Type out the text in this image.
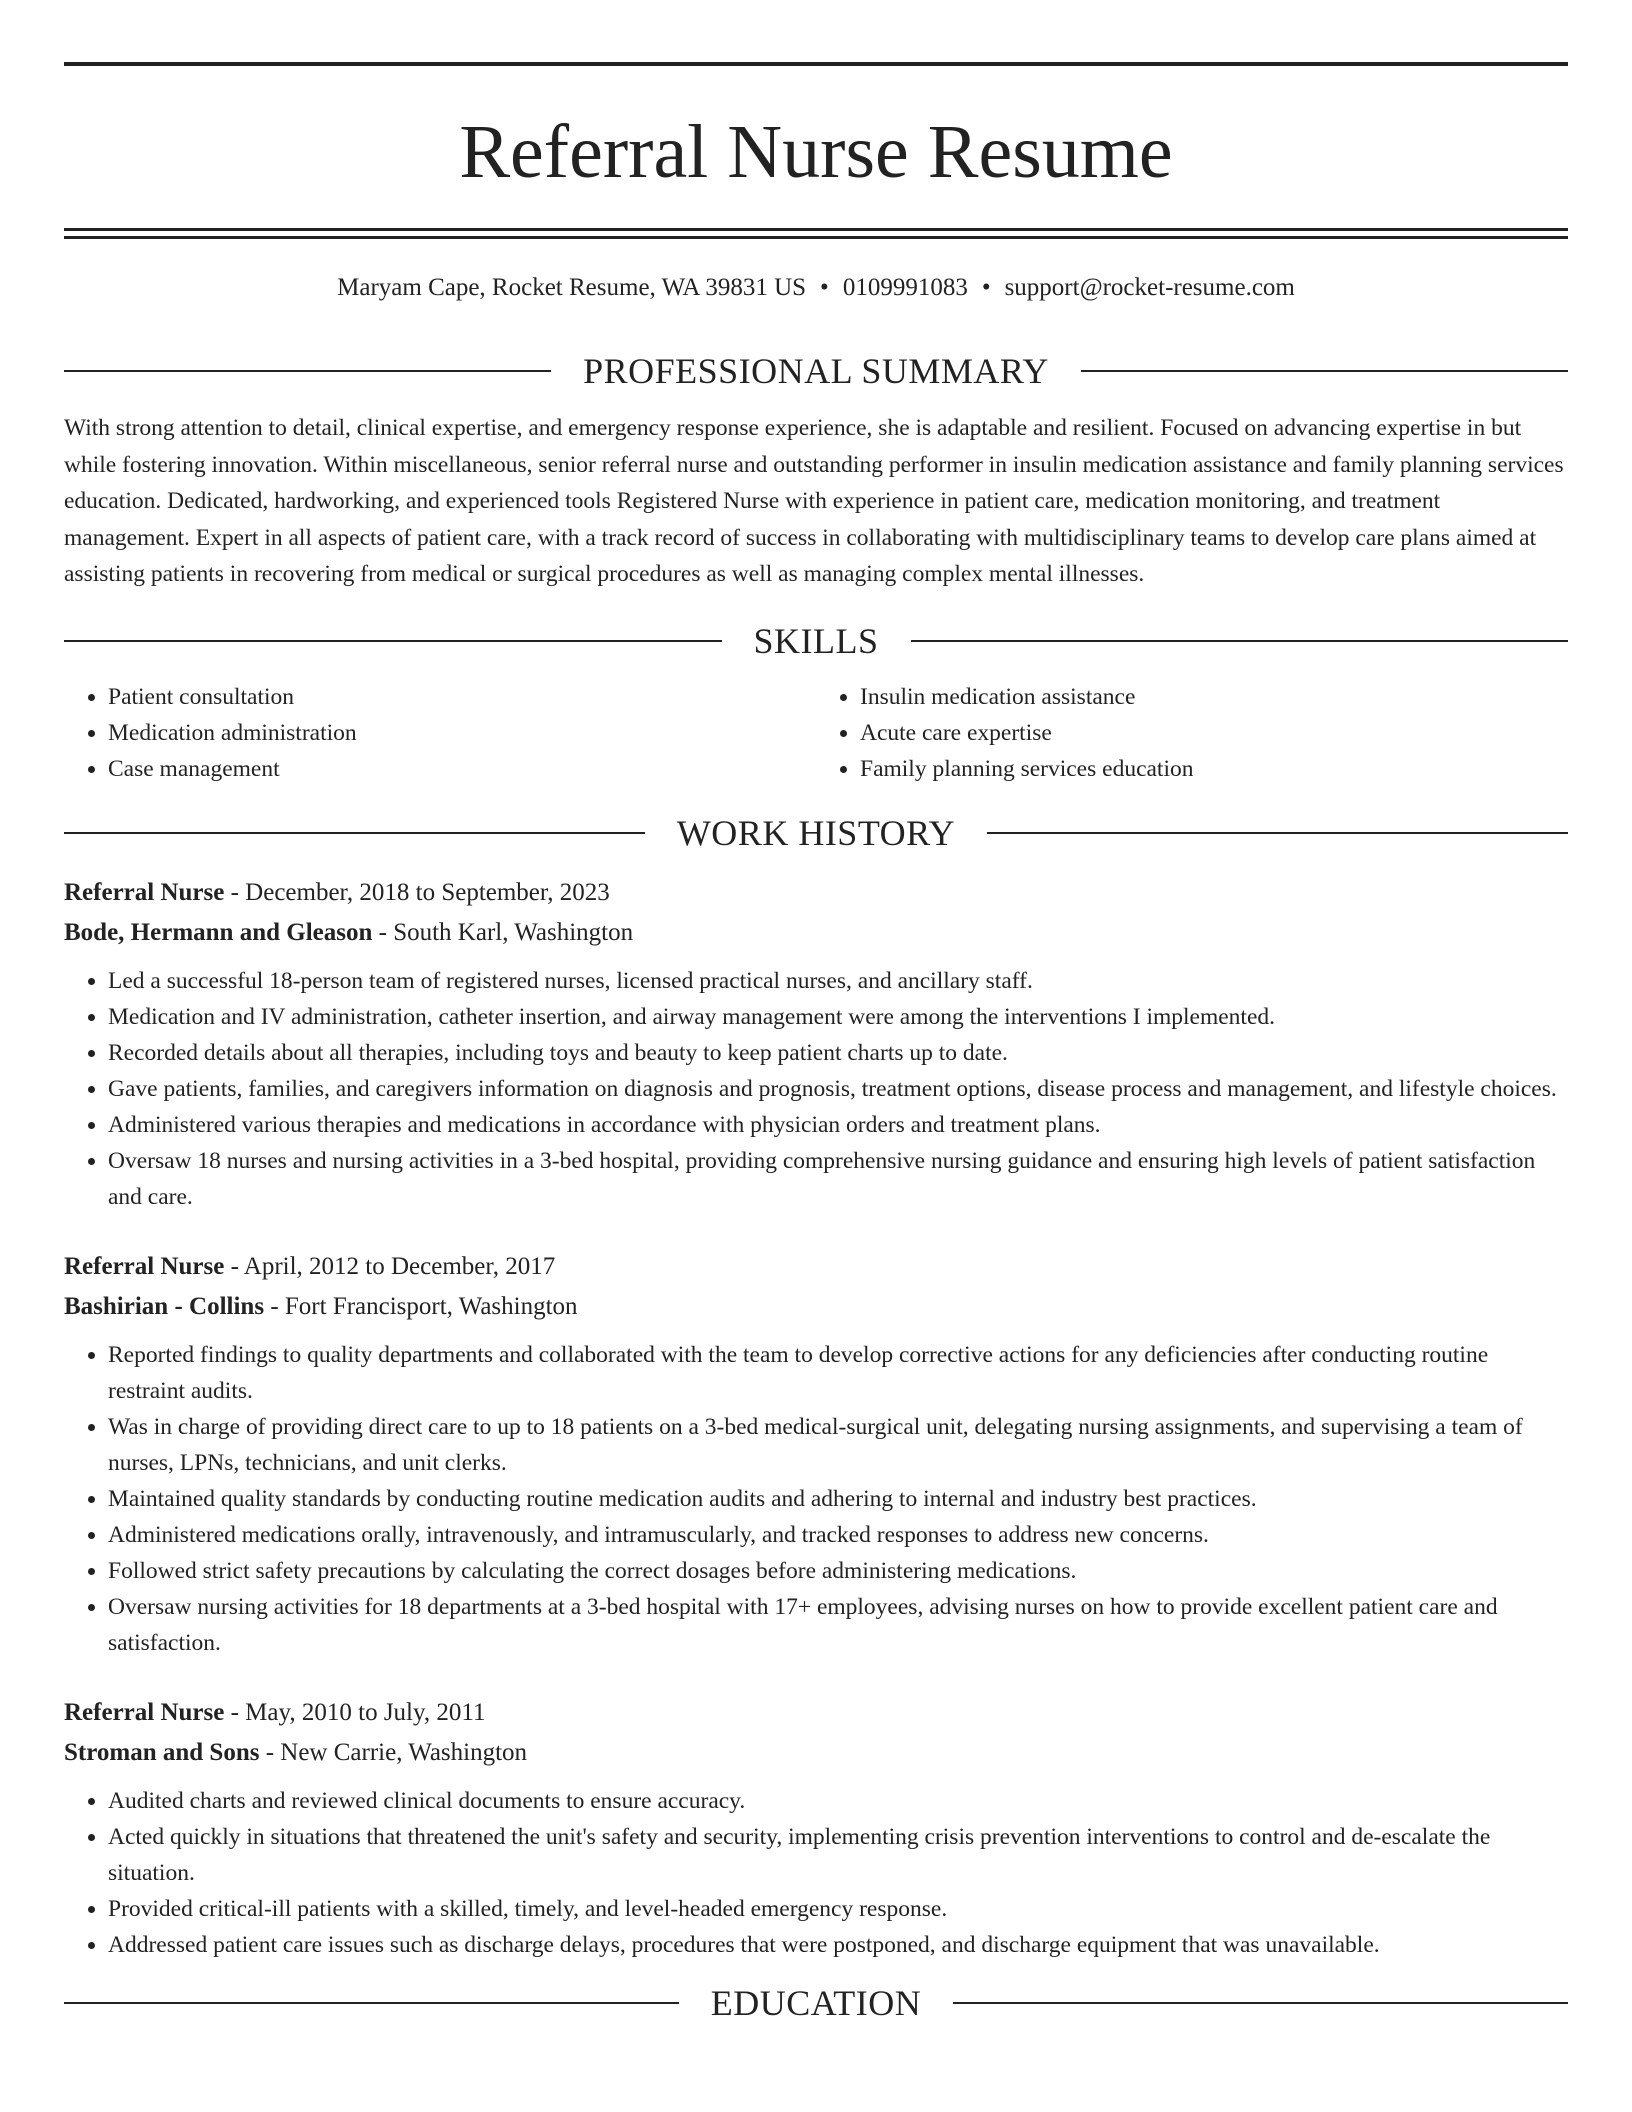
Referral Nurse Resume
Maryam Cape, Rocket Resume, WA 39831 US • 0109991083 • support@rocket-resume.com
PROFESSIONAL SUMMARY

With strong attention to detail, clinical expertise, and emergency response experience, she is adaptable and resilient. Focused on advancing expertise in but while fostering innovation. Within miscellaneous, senior referral nurse and outstanding performer in insulin medication assistance and family planning services education. Dedicated, hardworking, and experienced tools Registered Nurse with experience in patient care, medication monitoring, and treatment management. Expert in all aspects of patient care, with a track record of success in collaborating with multidisciplinary teams to develop care plans aimed at assisting patients in recovering from medical or surgical procedures as well as managing complex mental illnesses.

SKILLS
• Patient consultation
• Medication administration
• Case management
• Insulin medication assistance
• Acute care expertise
• Family planning services education
WORK HISTORY
Referral Nurse - December, 2018 to September, 2023
Bode, Hermann and Gleason - South Karl, Washington
• Led a successful 18-person team of registered nurses, licensed practical nurses, and ancillary staff.
• Medication and IV administration, catheter insertion, and airway management were among the interventions I implemented.
• Recorded details about all therapies, including toys and beauty to keep patient charts up to date.
• Gave patients, families, and caregivers information on diagnosis and prognosis, treatment options, disease process and management, and lifestyle choices.
• Administered various therapies and medications in accordance with physician orders and treatment plans.
• Oversaw 18 nurses and nursing activities in a 3-bed hospital, providing comprehensive nursing guidance and ensuring high levels of patient satisfaction and care.
Referral Nurse - April, 2012 to December, 2017
Bashirian - Collins - Fort Francisport, Washington
• Reported findings to quality departments and collaborated with the team to develop corrective actions for any deficiencies after conducting routine restraint audits.
• Was in charge of providing direct care to up to 18 patients on a 3-bed medical-surgical unit, delegating nursing assignments, and supervising a team of nurses, LPNs, technicians, and unit clerks.
• Maintained quality standards by conducting routine medication audits and adhering to internal and industry best practices.
• Administered medications orally, intravenously, and intramuscularly, and tracked responses to address new concerns.
• Followed strict safety precautions by calculating the correct dosages before administering medications.
• Oversaw nursing activities for 18 departments at a 3-bed hospital with 17+ employees, advising nurses on how to provide excellent patient care and satisfaction.
Referral Nurse - May, 2010 to July, 2011
Stroman and Sons - New Carrie, Washington
• Audited charts and reviewed clinical documents to ensure accuracy.
• Acted quickly in situations that threatened the unit's safety and security, implementing crisis prevention interventions to control and de-escalate the situation.
• Provided critical-ill patients with a skilled, timely, and level-headed emergency response.
• Addressed patient care issues such as discharge delays, procedures that were postponed, and discharge equipment that was unavailable.
EDUCATION
